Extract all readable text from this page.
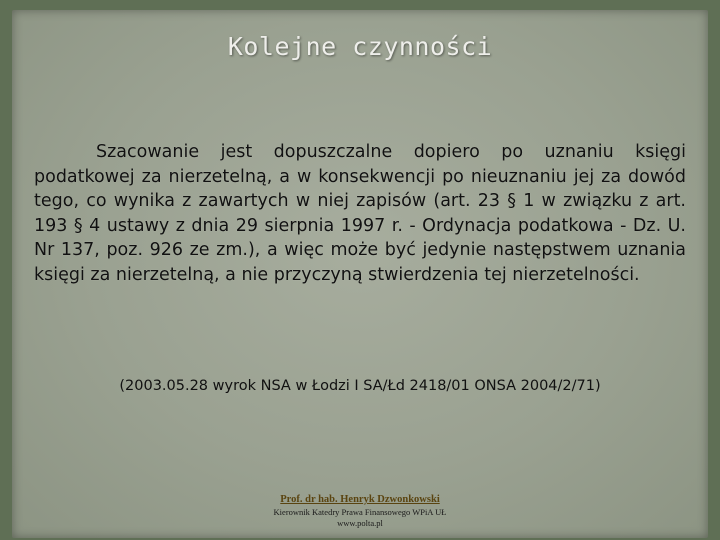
Kolejne czynności
Szacowanie jest dopuszczalne dopiero po uznaniu księgi podatkowej za nierzetelną, a w konsekwencji po nieuznaniu jej za dowód tego, co wynika z zawartych w niej zapisów (art. 23 § 1 w związku z art. 193 § 4 ustawy z dnia 29 sierpnia 1997 r. - Ordynacja podatkowa - Dz. U. Nr 137, poz. 926 ze zm.), a więc może być jedynie następstwem uznania księgi za nierzetelną, a nie przyczyną stwierdzenia tej nierzetelności.
(2003.05.28 wyrok NSA w Łodzi I SA/Łd 2418/01 ONSA 2004/2/71)
Prof. dr hab. Henryk Dzwonkowski
Kierownik Katedry Prawa Finansowego WPiA UŁ
www.polta.pl
